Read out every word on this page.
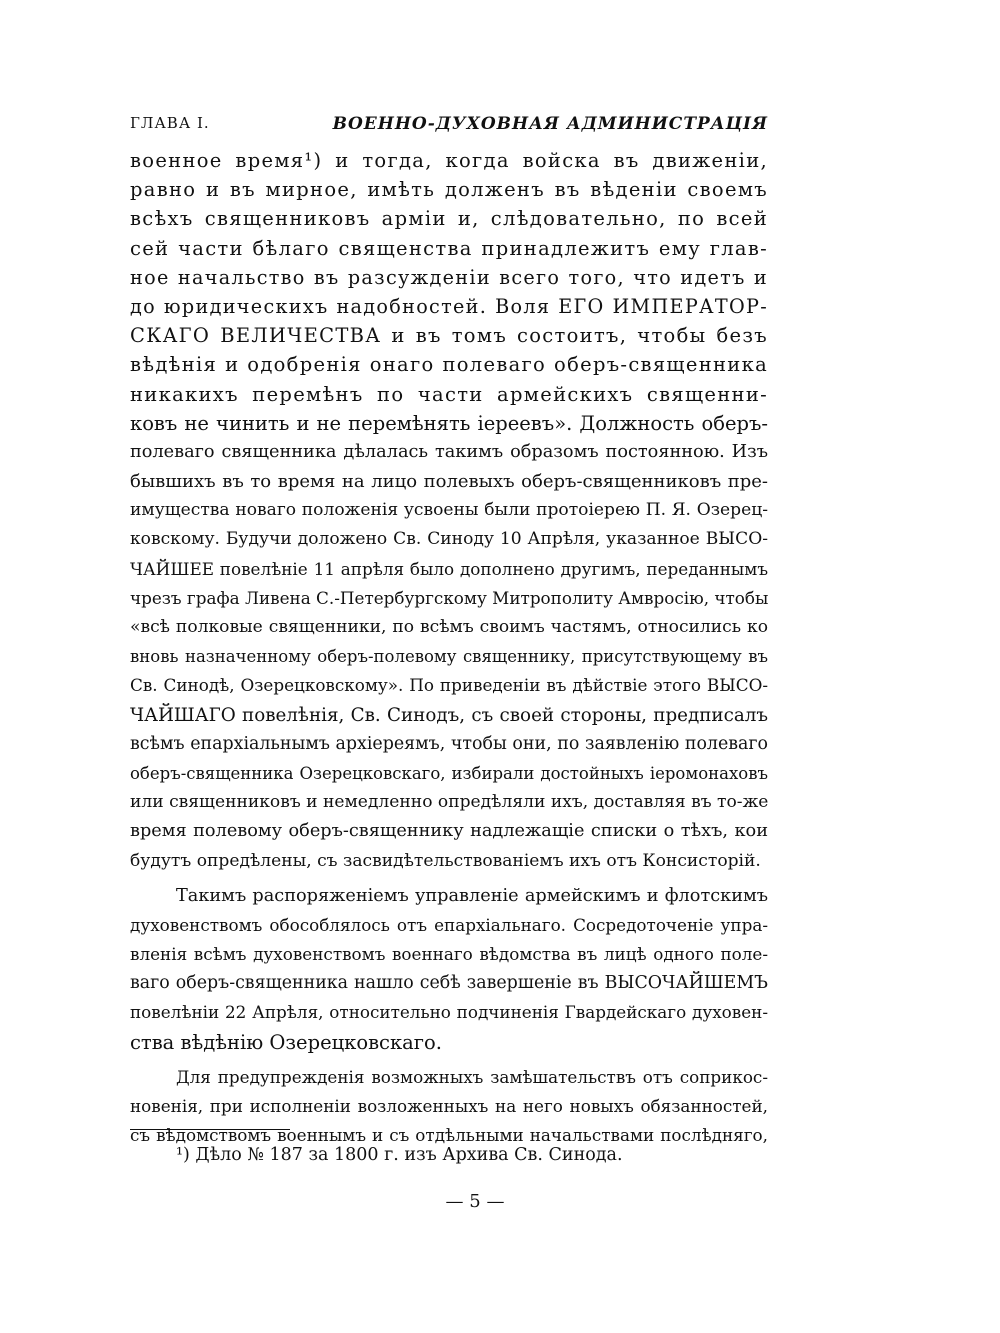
ГЛАВА I.	ВОЕННО-ДУХОВНАЯ АДМИНИСТРАЦІЯ
военное время¹) и тогда, когда войска въ движеніи,
равно и въ мирное, имѣть долженъ въ вѣденіи своемъ
всѣхъ священниковъ арміи и, слѣдовательно, по всей
сей части бѣлаго священства принадлежитъ ему глав-
ное начальство въ разсужденіи всего того, что идетъ и
до юридическихъ надобностей. Воля ЕГО ИМПЕРАТОР-
СКАГО ВЕЛИЧЕСТВА и въ томъ состоитъ, чтобы безъ
вѣдѣнія и одобренія онаго полеваго оберъ-священника
никакихъ перемѣнъ по части армейскихъ священни-
ковъ не чинить и не перемѣнять іереевъ». Должность оберъ-
полеваго священника дѣлалась такимъ образомъ постоянною. Изъ
бывшихъ въ то время на лицо полевыхъ оберъ-священниковъ пре-
имущества новаго положенія усвоены были протоіерею П. Я. Озерец-
ковскому. Будучи доложено Св. Синоду 10 Апрѣля, указанное ВЫСО-
ЧАЙШЕЕ повелѣніе 11 апрѣля было дополнено другимъ, переданнымъ
чрезъ графа Ливена С.-Петербургскому Митрополиту Амвросію, чтобы
«всѣ полковые священники, по всѣмъ своимъ частямъ, относились ко
вновь назначенному оберъ-полевому священнику, присутствующему въ
Св. Синодѣ, Озерецковскому». По приведеніи въ дѣйствіе этого ВЫСО-
ЧАЙШАГО повелѣнія, Св. Синодъ, съ своей стороны, предписалъ
всѣмъ епархіальнымъ архіереямъ, чтобы они, по заявленію полеваго
оберъ-священника Озерецковскаго, избирали достойныхъ іеромонаховъ
или священниковъ и немедленно опредѣляли ихъ, доставляя въ то-же
время полевому оберъ-священнику надлежащіе списки о тѣхъ, кои
будутъ опредѣлены, съ засвидѣтельствованіемъ ихъ отъ Консисторій.
Такимъ распоряженіемъ управленіе армейскимъ и флотскимъ
духовенствомъ обособлялось отъ епархіальнаго. Сосредоточеніе упра-
вленія всѣмъ духовенствомъ военнаго вѣдомства въ лицѣ одного поле-
ваго оберъ-священника нашло себѣ завершеніе въ ВЫСОЧАЙШЕМЪ
повелѣніи 22 Апрѣля, относительно подчиненія Гвардейскаго духовен-
ства вѣдѣнію Озерецковскаго.
Для предупрежденія возможныхъ замѣшательствъ отъ соприкос-
новенія, при исполненіи возложенныхъ на него новыхъ обязанностей,
съ вѣдомствомъ военнымъ и съ отдѣльными начальствами послѣдняго,
¹) Дѣло № 187 за 1800 г. изъ Архива Св. Синода.
— 5 —
